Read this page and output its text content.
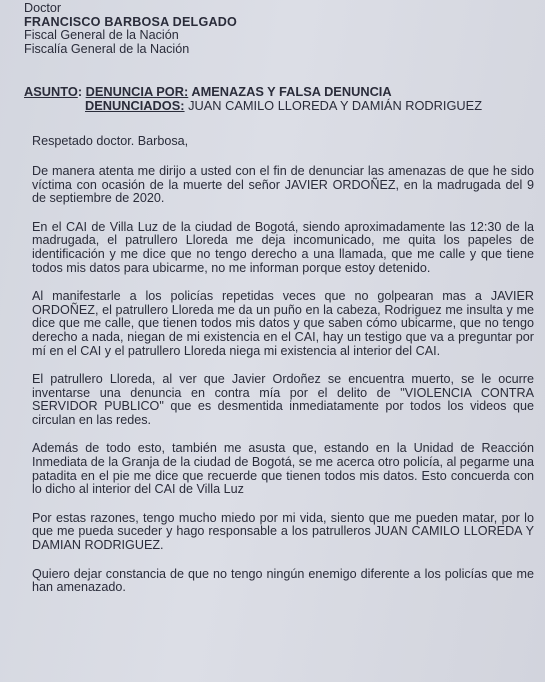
Doctor
FRANCISCO BARBOSA DELGADO
Fiscal General de la Nación
Fiscalía General de la Nación
ASUNTO: DENUNCIA POR: AMENAZAS Y FALSA DENUNCIA
DENUNCIADOS: JUAN CAMILO LLOREDA Y DAMIÁN RODRIGUEZ
Respetado doctor. Barbosa,

De manera atenta me dirijo a usted con el fin de denunciar las amenazas de que he sido víctima con ocasión de la muerte del señor JAVIER ORDOÑEZ, en la madrugada del 9 de septiembre de 2020.

En el CAI de Villa Luz de la ciudad de Bogotá, siendo aproximadamente las 12:30 de la madrugada, el patrullero Lloreda me deja incomunicado, me quita los papeles de identificación y me dice que no tengo derecho a una llamada, que me calle y que tiene todos mis datos para ubicarme, no me informan porque estoy detenido.

Al manifestarle a los policías repetidas veces que no golpearan mas a JAVIER ORDOÑEZ, el patrullero Lloreda me da un puño en la cabeza, Rodriguez me insulta y me dice que me calle, que tienen todos mis datos y que saben cómo ubicarme, que no tengo derecho a nada, niegan de mi existencia en el CAI, hay un testigo que va a preguntar por mí en el CAI y el patrullero Lloreda niega mi existencia al interior del CAI.

El patrullero Lloreda, al ver que Javier Ordoñez se encuentra muerto, se le ocurre inventarse una denuncia en contra mía por el delito de "VIOLENCIA CONTRA SERVIDOR PUBLICO" que es desmentida inmediatamente por todos los videos que circulan en las redes.

Además de todo esto, también me asusta que, estando en la Unidad de Reacción Inmediata de la Granja de la ciudad de Bogotá, se me acerca otro policía, al pegarme una patadita en el pie me dice que recuerde que tienen todos mis datos. Esto concuerda con lo dicho al interior del CAI de Villa Luz

Por estas razones, tengo mucho miedo por mi vida, siento que me pueden matar, por lo que me pueda suceder y hago responsable a los patrulleros JUAN CAMILO LLOREDA Y DAMIAN RODRIGUEZ.

Quiero dejar constancia de que no tengo ningún enemigo diferente a los policías que me han amenazado.
